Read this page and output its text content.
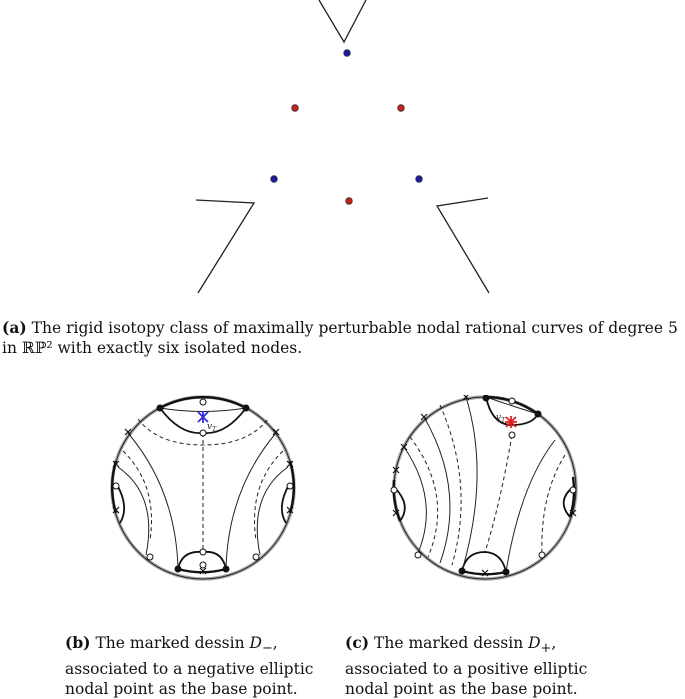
(a) The rigid isotopy class of maximally perturbable nodal rational curves of degree 5 in ℝℙ² with exactly six isolated nodes.
$v_T$
(b) The marked dessin $D_-$, associated to a negative elliptic nodal point as the base point.
$v_T$
(c) The marked dessin $D_+$, associated to a positive elliptic nodal point as the base point.
